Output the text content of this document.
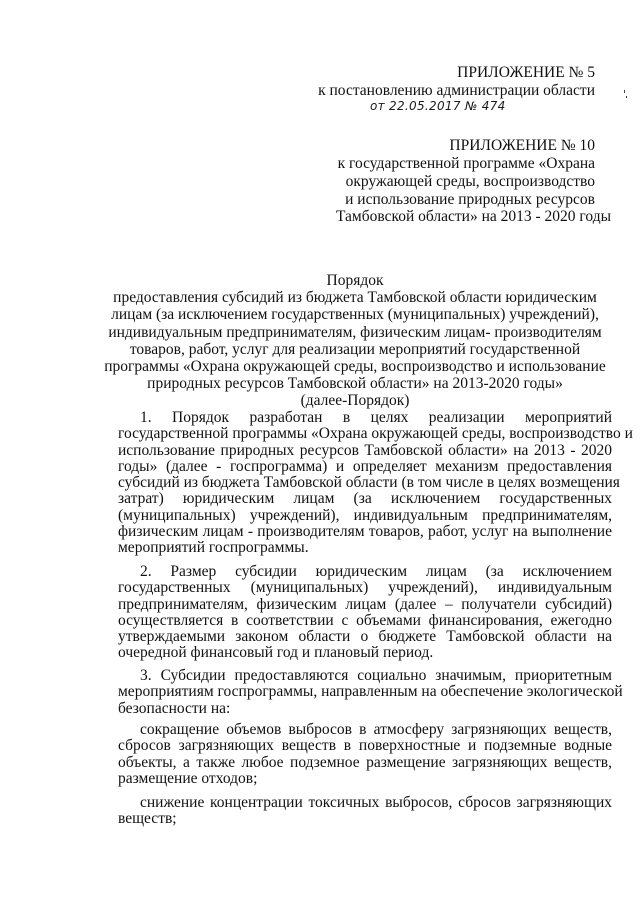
ПРИЛОЖЕНИЕ № 5
к постановлению администрации области
от 22.05.2017 № 474
ПРИЛОЖЕНИЕ № 10
к государственной программе «Охрана
окружающей среды, воспроизводство
и использование природных ресурсов
Тамбовской области» на 2013 - 2020 годы
Порядок
предоставления субсидий из бюджета Тамбовской области юридическим
лицам (за исключением государственных (муниципальных) учреждений),
индивидуальным предпринимателям, физическим лицам- производителям
товаров, работ, услуг для реализации мероприятий государственной
программы «Охрана окружающей среды, воспроизводство и использование
природных ресурсов Тамбовской области» на 2013-2020 годы»
(далее-Порядок)
1. Порядок разработан в целях реализации мероприятий
государственной программы «Охрана окружающей среды, воспроизводство и
использование природных ресурсов Тамбовской области» на 2013 - 2020
годы» (далее - госпрограмма) и определяет механизм предоставления
субсидий из бюджета Тамбовской области (в том числе в целях возмещения
затрат) юридическим лицам (за исключением государственных
(муниципальных) учреждений), индивидуальным предпринимателям,
физическим лицам - производителям товаров, работ, услуг на выполнение
мероприятий госпрограммы.
2. Размер субсидии юридическим лицам (за исключением
государственных (муниципальных) учреждений), индивидуальным
предпринимателям, физическим лицам (далее – получатели субсидий)
осуществляется в соответствии с объемами финансирования, ежегодно
утверждаемыми законом области о бюджете Тамбовской области на
очередной финансовый год и плановый период.
3. Субсидии предоставляются социально значимым, приоритетным
мероприятиям госпрограммы, направленным на обеспечение экологической
безопасности на:
сокращение объемов выбросов в атмосферу загрязняющих веществ,
сбросов загрязняющих веществ в поверхностные и подземные водные
объекты, а также любое подземное размещение загрязняющих веществ,
размещение отходов;
снижение концентрации токсичных выбросов, сбросов загрязняющих
веществ;
